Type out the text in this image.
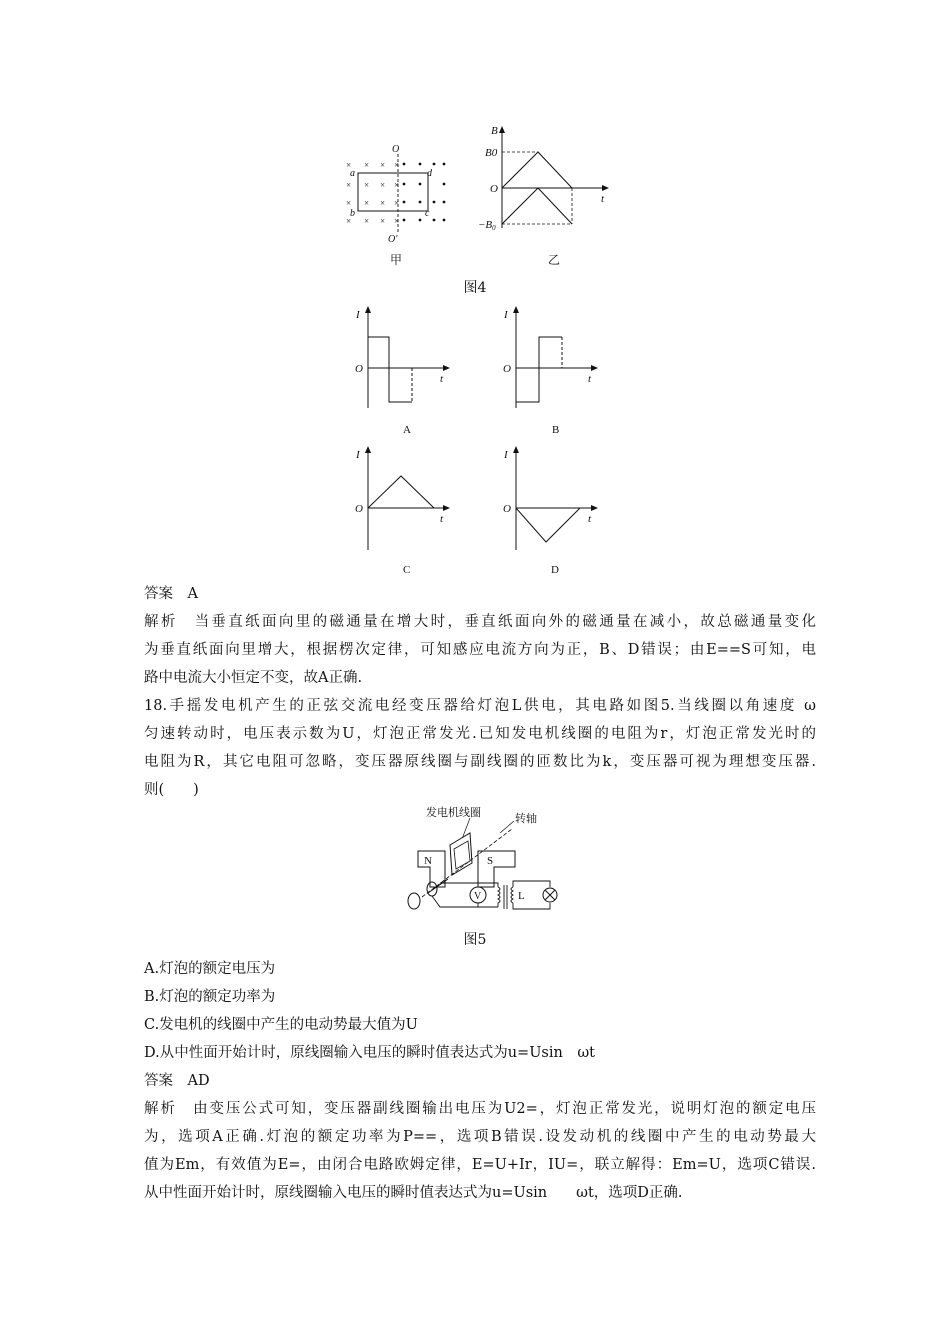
× × × ×
× × × ×
× × × ×
× × × ×
O
O′
a
b	c
d
甲
B
t
O
B0
−B0
乙
图4
I
t
O
A
I
t
O
B
I
t
O
C
I
t
O
D
答案　A
解析　当垂直纸面向里的磁通量在增大时，垂直纸面向外的磁通量在减小，故总磁通量变化
为垂直纸面向里增大，根据楞次定律，可知感应电流方向为正，B、D错误；由E==S可知，电
路中电流大小恒定不变，故A正确.
18.手摇发电机产生的正弦交流电经变压器给灯泡L供电，其电路如图5.当线圈以角速度 ω
匀速转动时，电压表示数为U，灯泡正常发光.已知发电机线圈的电阻为r，灯泡正常发光时的
电阻为R，其它电阻可忽略，变压器原线圈与副线圈的匝数比为k，变压器可视为理想变压器.
则(　　)
发电机线圈	转轴
N	S
V	L
图5
A.灯泡的额定电压为
B.灯泡的额定功率为
C.发电机的线圈中产生的电动势最大值为U
D.从中性面开始计时，原线圈输入电压的瞬时值表达式为u=Usin　ωt
答案　AD
解析　由变压公式可知，变压器副线圈输出电压为U2=，灯泡正常发光，说明灯泡的额定电压
为，选项A正确.灯泡的额定功率为P==，选项B错误.设发动机的线圈中产生的电动势最大
值为Em，有效值为E=，由闭合电路欧姆定律，E=U+Ir，IU=，联立解得：Em=U，选项C错误.
从中性面开始计时，原线圈输入电压的瞬时值表达式为u=Usin　　ωt，选项D正确.
